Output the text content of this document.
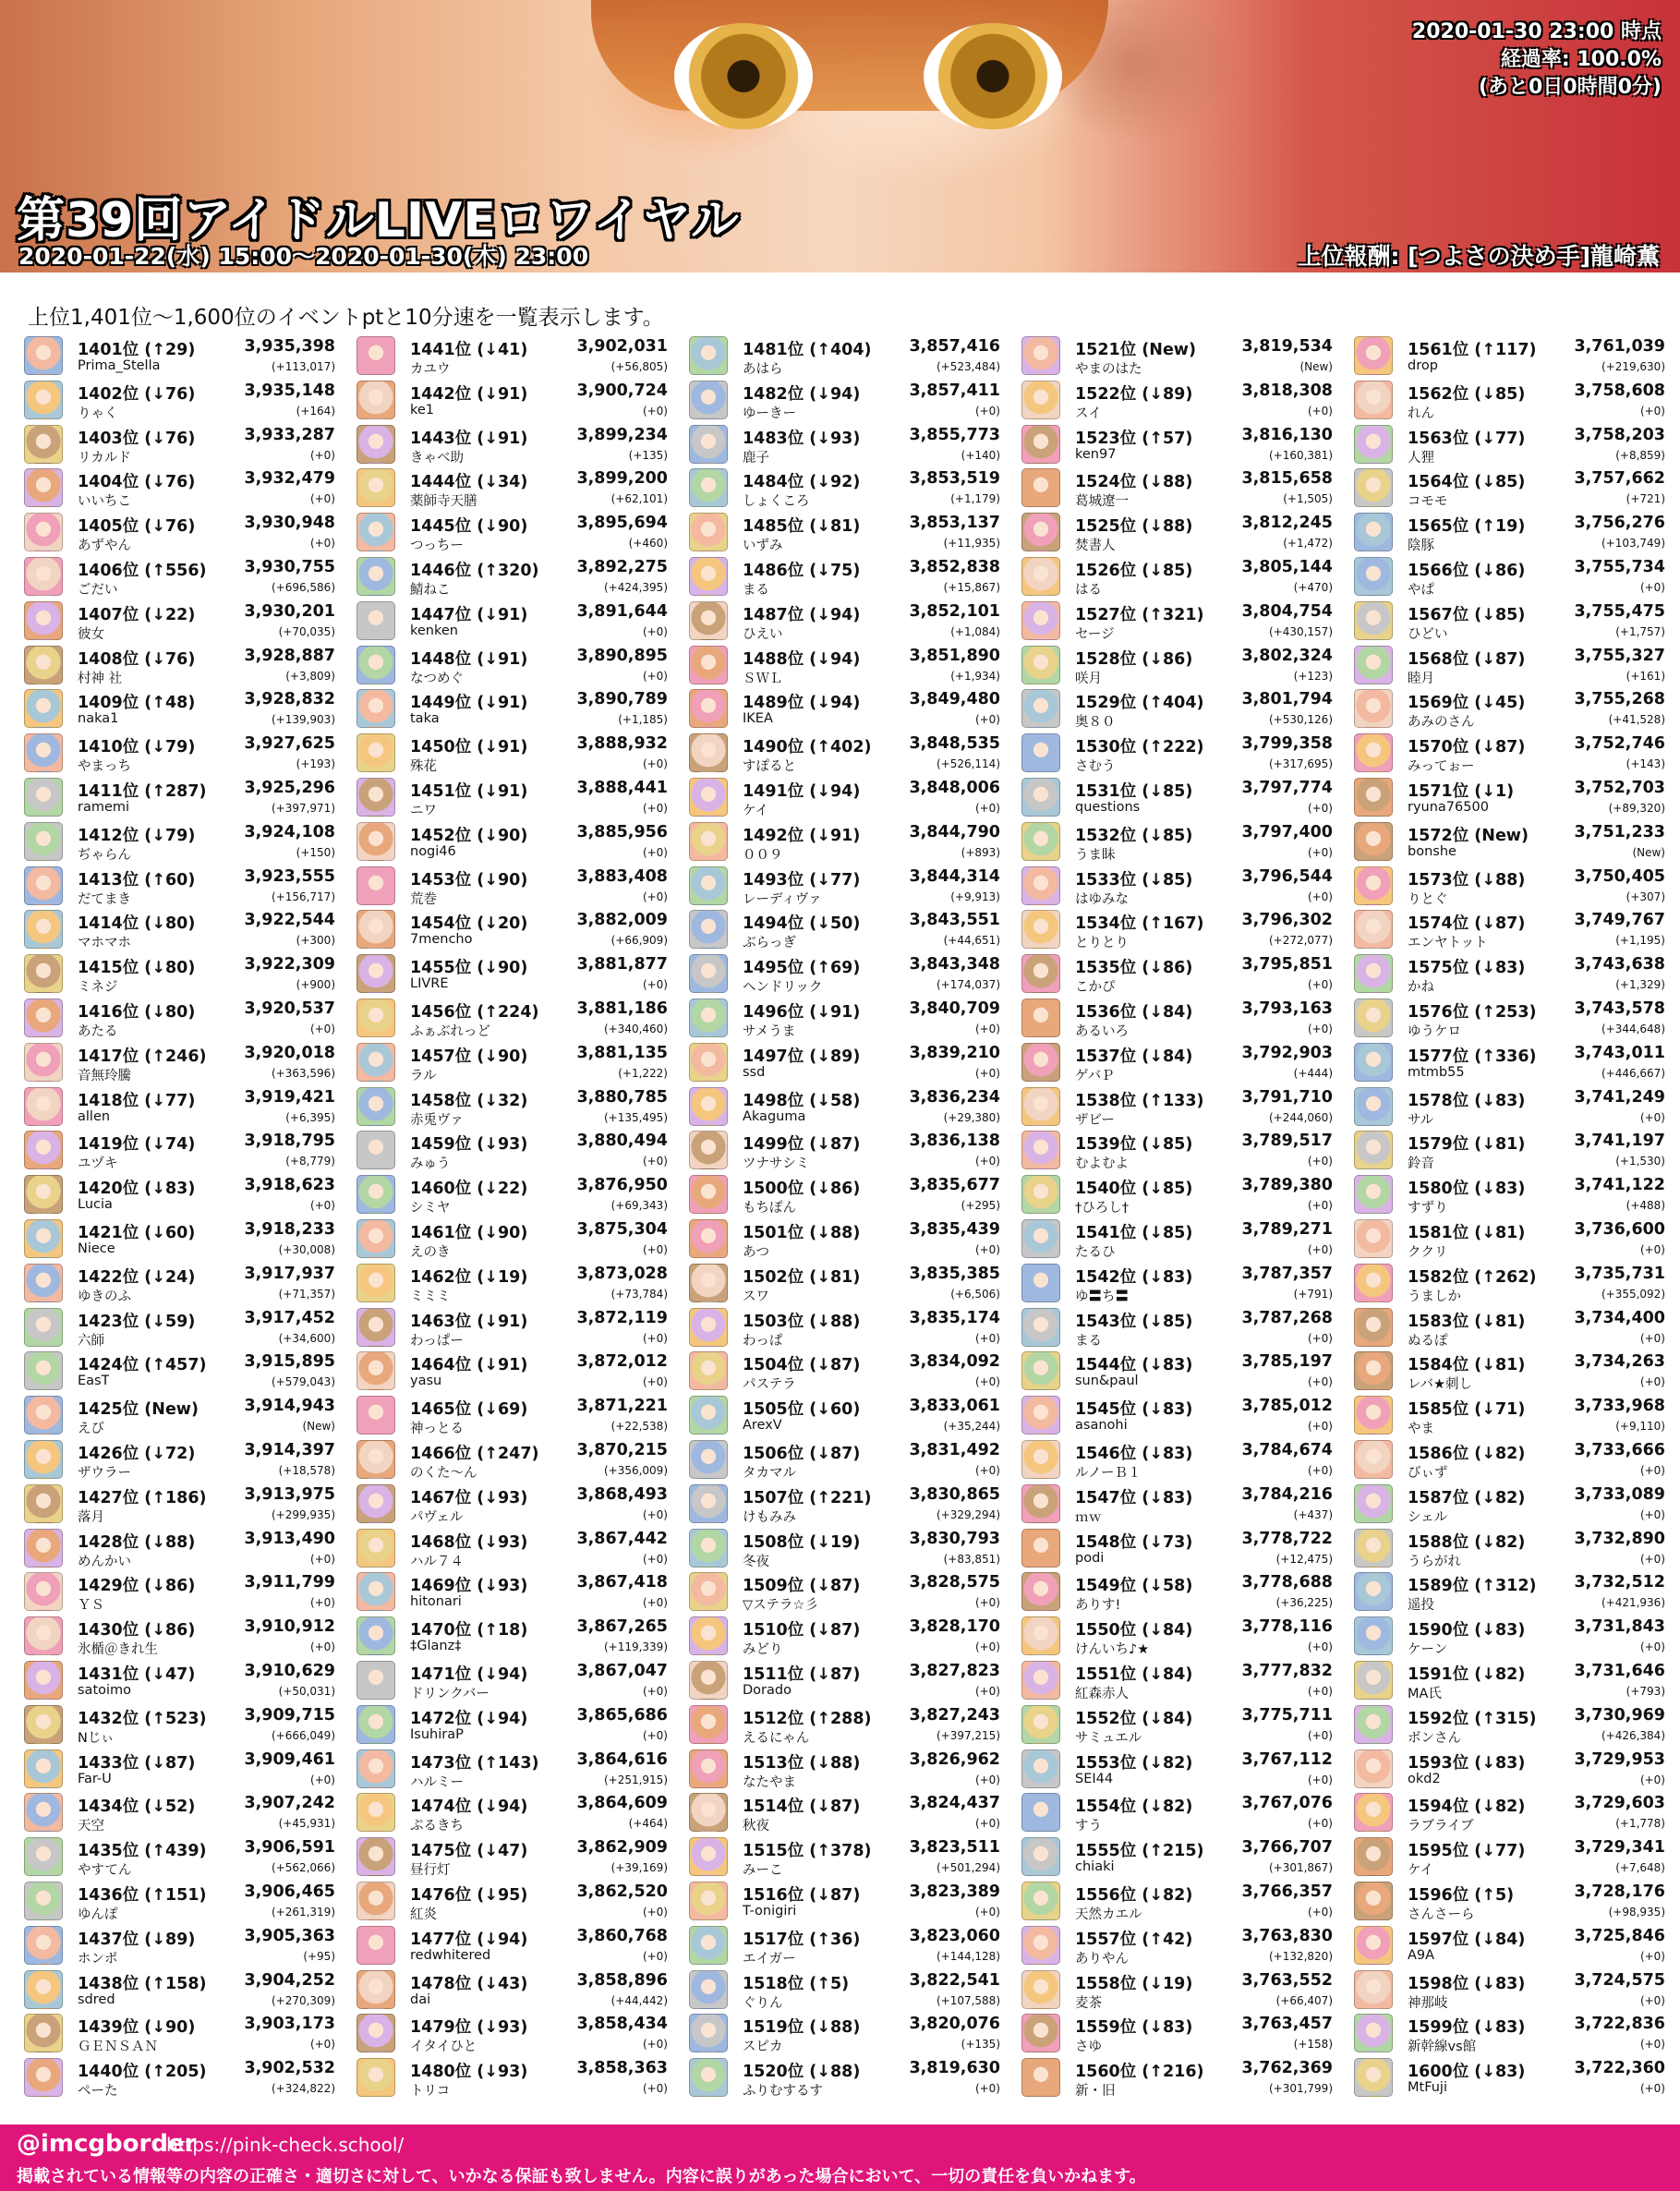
第39回アイドルLIVEロワイヤル
2020-01-22(水) 15:00～2020-01-30(木) 23:00	上位報酬: [つよさの決め手]龍崎薫
2020-01-30 23:00 時点
経過率: 100.0%
(あと0日0時間0分)
上位1,401位～1,600位のイベントptと10分速を一覧表示します。
1401位 (↑29)	3,935,398
Prima_Stella	(+113,017)
1402位 (↓76)	3,935,148
りゃく	(+164)
1403位 (↓76)	3,933,287
リカルド	(+0)
1404位 (↓76)	3,932,479
いいちこ	(+0)
1405位 (↓76)	3,930,948
あずやん	(+0)
1406位 (↑556) 3,930,755
ごだい	(+696,586)
1407位 (↓22)	3,930,201
彼女	(+70,035)
1408位 (↓76)	3,928,887
村神 社	(+3,809)
1409位 (↑48)	3,928,832
naka1	(+139,903)
1410位 (↓79)	3,927,625
やまっち	(+193)
1411位 (↑287) 3,925,296
ramemi	(+397,971)
1412位 (↓79)	3,924,108
ぢゃらん	(+150)
1413位 (↑60)	3,923,555
だてまき	(+156,717)
1414位 (↓80)	3,922,544
マホマホ	(+300)
1415位 (↓80)	3,922,309
ミネジ	(+900)
1416位 (↓80)	3,920,537
あたる	(+0)
1417位 (↑246) 3,920,018
音無玲騰	(+363,596)
1418位 (↓77)	3,919,421
allen	(+6,395)
1419位 (↓74)	3,918,795
ユヅキ	(+8,779)
1420位 (↓83)	3,918,623
Lucia	(+0)
1421位 (↓60)	3,918,233
Niece	(+30,008)
1422位 (↓24)	3,917,937
ゆきのふ	(+71,357)
1423位 (↓59)	3,917,452
六師	(+34,600)
1424位 (↑457) 3,915,895
EasT	(+579,043)
1425位 (New)	3,914,943
えび	(New)
1426位 (↓72)	3,914,397
ザウラー	(+18,578)
1427位 (↑186) 3,913,975
落月	(+299,935)
1428位 (↓88)	3,913,490
めんかい	(+0)
1429位 (↓86)	3,911,799
ＹＳ	(+0)
1430位 (↓86)	3,910,912
氷楯＠きれ生	(+0)
1431位 (↓47)	3,910,629
satoimo	(+50,031)
1432位 (↑523) 3,909,715
Nじぃ	(+666,049)
1433位 (↓87)	3,909,461
Far-U	(+0)
1434位 (↓52)	3,907,242
天空	(+45,931)
1435位 (↑439) 3,906,591
やすてん	(+562,066)
1436位 (↑151) 3,906,465
ゆんぽ	(+261,319)
1437位 (↓89)	3,905,363
ホンポ	(+95)
1438位 (↑158) 3,904,252
sdred	(+270,309)
1439位 (↓90)	3,903,173
ＧＥＮＳＡＮ	(+0)
1440位 (↑205) 3,902,532
ペーた	(+324,822)
1441位 (↓41)	3,902,031
カユウ	(+56,805)
1442位 (↓91)	3,900,724
ke1	(+0)
1443位 (↓91)	3,899,234
きゃべ助	(+135)
1444位 (↓34)	3,899,200
薬師寺天膳	(+62,101)
1445位 (↓90)	3,895,694
つっちー	(+460)
1446位 (↑320) 3,892,275
鯖ねこ	(+424,395)
1447位 (↓91)	3,891,644
kenken	(+0)
1448位 (↓91)	3,890,895
なつめぐ	(+0)
1449位 (↓91)	3,890,789
taka	(+1,185)
1450位 (↓91)	3,888,932
殊花	(+0)
1451位 (↓91)	3,888,441
ニワ	(+0)
1452位 (↓90)	3,885,956
nogi46	(+0)
1453位 (↓90)	3,883,408
荒巻	(+0)
1454位 (↓20)	3,882,009
7mencho	(+66,909)
1455位 (↓90)	3,881,877
LIVRE	(+0)
1456位 (↑224) 3,881,186
ふぁぶれっど	(+340,460)
1457位 (↓90)	3,881,135
ラル	(+1,222)
1458位 (↓32)	3,880,785
赤兎ヴァ	(+135,495)
1459位 (↓93)	3,880,494
みゅう	(+0)
1460位 (↓22)	3,876,950
シミヤ	(+69,343)
1461位 (↓90)	3,875,304
えのき	(+0)
1462位 (↓19)	3,873,028
ミミミ	(+73,784)
1463位 (↓91)	3,872,119
わっぱー	(+0)
1464位 (↓91)	3,872,012
yasu	(+0)
1465位 (↓69)	3,871,221
神っとる	(+22,538)
1466位 (↑247) 3,870,215
のくた～ん	(+356,009)
1467位 (↓93)	3,868,493
パヴェル	(+0)
1468位 (↓93)	3,867,442
ハル７４	(+0)
1469位 (↓93)	3,867,418
hitonari	(+0)
1470位 (↑18)	3,867,265
‡Glanz‡	(+119,339)
1471位 (↓94)	3,867,047
ドリンクバー	(+0)
1472位 (↓94)	3,865,686
IsuhiraP	(+0)
1473位 (↑143) 3,864,616
ハルミー	(+251,915)
1474位 (↓94)	3,864,609
ぷるきち	(+464)
1475位 (↓47)	3,862,909
昼行灯	(+39,169)
1476位 (↓95)	3,862,520
紅炎	(+0)
1477位 (↓94)	3,860,768
redwhitered	(+0)
1478位 (↓43)	3,858,896
dai	(+44,442)
1479位 (↓93)	3,858,434
イタイひと	(+0)
1480位 (↓93)	3,858,363
トリコ	(+0)
1481位 (↑404) 3,857,416
あはら	(+523,484)
1482位 (↓94)	3,857,411
ゆーきー	(+0)
1483位 (↓93)	3,855,773
鹿子	(+140)
1484位 (↓92)	3,853,519
しょくころ	(+1,179)
1485位 (↓81)	3,853,137
いずみ	(+11,935)
1486位 (↓75)	3,852,838
まる	(+15,867)
1487位 (↓94)	3,852,101
ひえい	(+1,084)
1488位 (↓94)	3,851,890
ＳＷＬ	(+1,934)
1489位 (↓94)	3,849,480
IKEA	(+0)
1490位 (↑402) 3,848,535
すぽると	(+526,114)
1491位 (↓94)	3,848,006
ケイ	(+0)
1492位 (↓91)	3,844,790
００９	(+893)
1493位 (↓77)	3,844,314
レーディヴァ	(+9,913)
1494位 (↓50)	3,843,551
ぶらっぎ	(+44,651)
1495位 (↑69)	3,843,348
ヘンドリック	(+174,037)
1496位 (↓91)	3,840,709
サメうま	(+0)
1497位 (↓89)	3,839,210
ssd	(+0)
1498位 (↓58)	3,836,234
Akaguma	(+29,380)
1499位 (↓87)	3,836,138
ツナサシミ	(+0)
1500位 (↓86)	3,835,677
もちぽん	(+295)
1501位 (↓88)	3,835,439
あつ	(+0)
1502位 (↓81)	3,835,385
スワ	(+6,506)
1503位 (↓88)	3,835,174
わっぱ	(+0)
1504位 (↓87)	3,834,092
パステラ	(+0)
1505位 (↓60)	3,833,061
ArexV	(+35,244)
1506位 (↓87)	3,831,492
タカマル	(+0)
1507位 (↑221) 3,830,865
けもみみ	(+329,294)
1508位 (↓19)	3,830,793
冬夜	(+83,851)
1509位 (↓87)	3,828,575
▽ステラ☆彡	(+0)
1510位 (↓87)	3,828,170
みどり	(+0)
1511位 (↓87)	3,827,823
Dorado	(+0)
1512位 (↑288) 3,827,243
えるにゃん	(+397,215)
1513位 (↓88)	3,826,962
なたやま	(+0)
1514位 (↓87)	3,824,437
秋夜	(+0)
1515位 (↑378) 3,823,511
みーこ	(+501,294)
1516位 (↓87)	3,823,389
T-onigiri	(+0)
1517位 (↑36)	3,823,060
エイガー	(+144,128)
1518位 (↑5)	3,822,541
ぐりん	(+107,588)
1519位 (↓88)	3,820,076
スピカ	(+135)
1520位 (↓88)	3,819,630
ふりむするす	(+0)
1521位 (New)	3,819,534
やまのはた	(New)
1522位 (↓89)	3,818,308
スイ	(+0)
1523位 (↑57)	3,816,130
ken97	(+160,381)
1524位 (↓88)	3,815,658
葛城遼一	(+1,505)
1525位 (↓88)	3,812,245
焚書人	(+1,472)
1526位 (↓85)	3,805,144
はる	(+470)
1527位 (↑321) 3,804,754
セージ	(+430,157)
1528位 (↓86)	3,802,324
咲月	(+123)
1529位 (↑404) 3,801,794
奥８０	(+530,126)
1530位 (↑222) 3,799,358
さむう	(+317,695)
1531位 (↓85)	3,797,774
questions	(+0)
1532位 (↓85)	3,797,400
うま眛	(+0)
1533位 (↓85)	3,796,544
はゆみな	(+0)
1534位 (↑167) 3,796,302
とりとり	(+272,077)
1535位 (↓86)	3,795,851
こかぴ	(+0)
1536位 (↓84)	3,793,163
あるいろ	(+0)
1537位 (↓84)	3,792,903
ゲバＰ	(+444)
1538位 (↑133) 3,791,710
ザビー	(+244,060)
1539位 (↓85)	3,789,517
むよむよ	(+0)
1540位 (↓85)	3,789,380
†ひろし†	(+0)
1541位 (↓85)	3,789,271
たるひ	(+0)
1542位 (↓83)	3,787,357
ゆ〓ち〓	(+791)
1543位 (↓85)	3,787,268
まる	(+0)
1544位 (↓83)	3,785,197
sun&paul	(+0)
1545位 (↓83)	3,785,012
asanohi	(+0)
1546位 (↓83)	3,784,674
ルノーＢ１	(+0)
1547位 (↓83)	3,784,216
ｍｗ	(+437)
1548位 (↓73)	3,778,722
podi	(+12,475)
1549位 (↓58)	3,778,688
ありす!	(+36,225)
1550位 (↓84)	3,778,116
けんいち♪★	(+0)
1551位 (↓84)	3,777,832
紅森赤人	(+0)
1552位 (↓84)	3,775,711
サミュエル	(+0)
1553位 (↓82)	3,767,112
SEI44	(+0)
1554位 (↓82)	3,767,076
すう	(+0)
1555位 (↑215) 3,766,707
chiaki	(+301,867)
1556位 (↓82)	3,766,357
天然カエル	(+0)
1557位 (↑42)	3,763,830
ありやん	(+132,820)
1558位 (↓19)	3,763,552
麦茶	(+66,407)
1559位 (↓83)	3,763,457
さゆ	(+158)
1560位 (↑216) 3,762,369
新・旧	(+301,799)
1561位 (↑117) 3,761,039
drop	(+219,630)
1562位 (↓85)	3,758,608
れん	(+0)
1563位 (↓77)	3,758,203
人狸	(+8,859)
1564位 (↓85)	3,757,662
コモモ	(+721)
1565位 (↑19)	3,756,276
陰豚	(+103,749)
1566位 (↓86)	3,755,734
やぱ	(+0)
1567位 (↓85)	3,755,475
ひどい	(+1,757)
1568位 (↓87)	3,755,327
睦月	(+161)
1569位 (↓45)	3,755,268
あみのさん	(+41,528)
1570位 (↓87)	3,752,746
みってぉー	(+143)
1571位 (↓1)	3,752,703
ryuna76500	(+89,320)
1572位 (New)	3,751,233
bonshe	(New)
1573位 (↓88)	3,750,405
りとぐ	(+307)
1574位 (↓87)	3,749,767
エンヤトット	(+1,195)
1575位 (↓83)	3,743,638
かね	(+1,329)
1576位 (↑253) 3,743,578
ゆうケロ	(+344,648)
1577位 (↑336) 3,743,011
mtmb55	(+446,667)
1578位 (↓83)	3,741,249
サル	(+0)
1579位 (↓81)	3,741,197
鈴音	(+1,530)
1580位 (↓83)	3,741,122
すずり	(+488)
1581位 (↓81)	3,736,600
ククリ	(+0)
1582位 (↑262) 3,735,731
うましか	(+355,092)
1583位 (↓81)	3,734,400
ぬるぽ	(+0)
1584位 (↓81)	3,734,263
レバ★刺し	(+0)
1585位 (↓71)	3,733,968
やま	(+9,110)
1586位 (↓82)	3,733,666
びぃず	(+0)
1587位 (↓82)	3,733,089
シェル	(+0)
1588位 (↓82)	3,732,890
うらがれ	(+0)
1589位 (↑312) 3,732,512
遥投	(+421,936)
1590位 (↓83)	3,731,843
ケーン	(+0)
1591位 (↓82)	3,731,646
MA氏	(+793)
1592位 (↑315) 3,730,969
ボンさん	(+426,384)
1593位 (↓83)	3,729,953
okd2	(+0)
1594位 (↓82)	3,729,603
ラブライブ	(+1,778)
1595位 (↓77)	3,729,341
ケイ	(+7,648)
1596位 (↑5)	3,728,176
さんさーら	(+98,935)
1597位 (↓84)	3,725,846
A9A	(+0)
1598位 (↓83)	3,724,575
神那岐	(+0)
1599位 (↓83)	3,722,836
新幹線vs館	(+0)
1600位 (↓83)	3,722,360
MtFuji	(+0)
@imcgborder
https://pink-check.school/
掲載されている情報等の内容の正確さ・適切さに対して、いかなる保証も致しません。内容に誤りがあった場合において、一切の責任を負いかねます。
